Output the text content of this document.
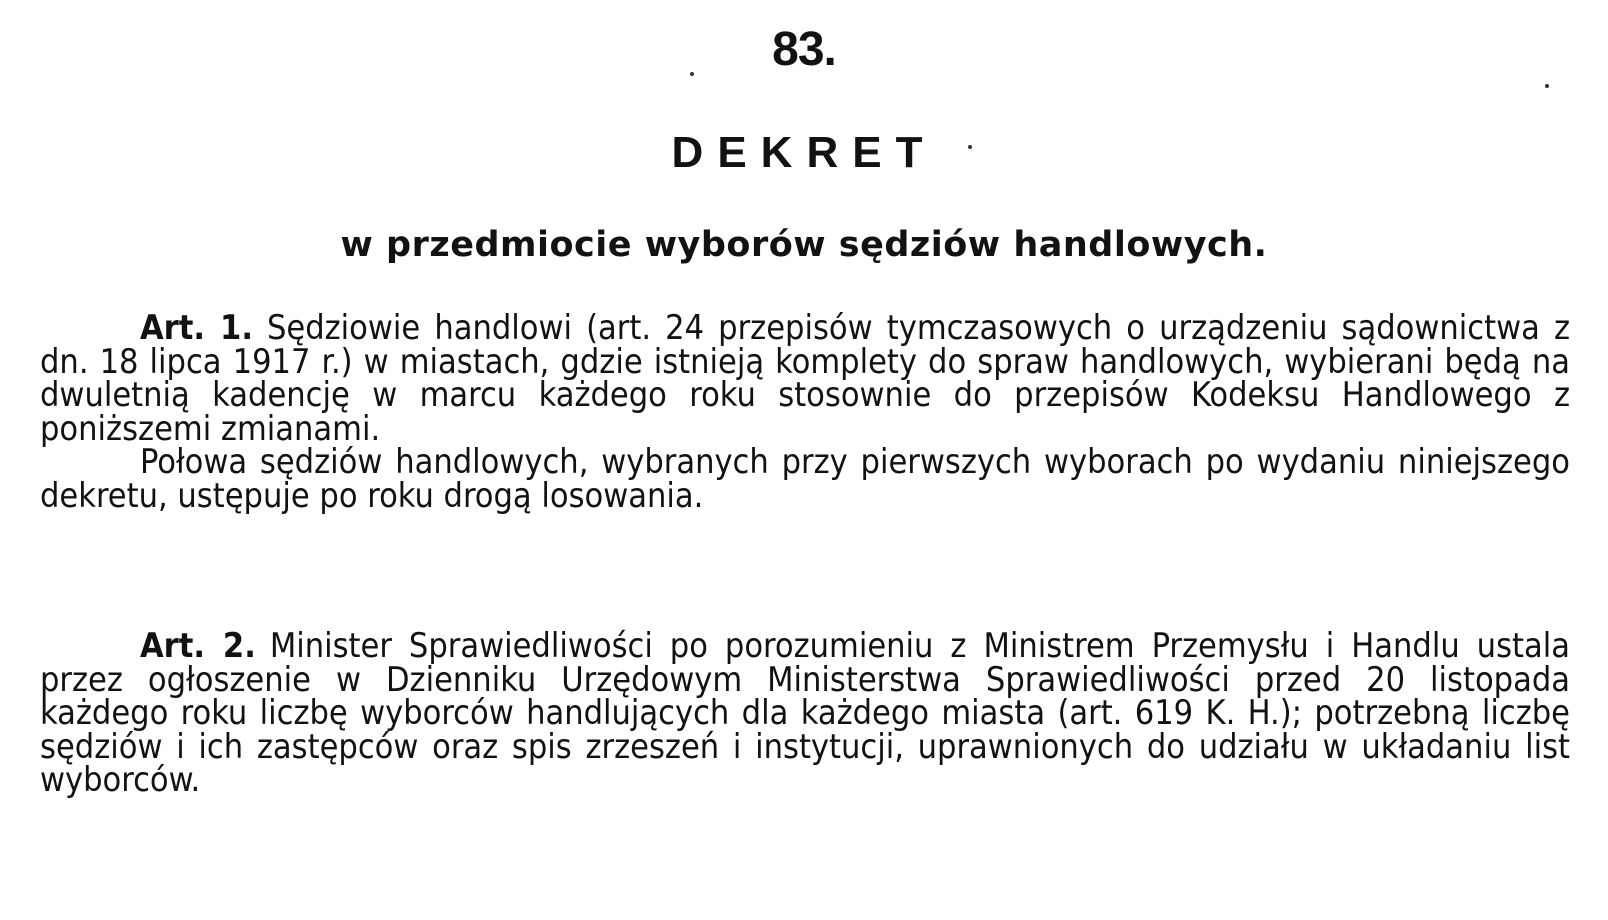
83.
DEKRET
w przedmiocie wyborów sędziów handlowych.

Art. 1. Sędziowie handlowi (art. 24 przepisów tymczasowych o urządzeniu sądownictwa z dn. 18 lipca 1917 r.) w miastach, gdzie istnieją komplety do spraw handlowych, wybierani będą na dwuletnią kadencję w marcu każdego roku stosownie do przepisów Kodeksu Handlowego z poniższemi zmianami.

Połowa sędziów handlowych, wybranych przy pierwszych wyborach po wydaniu niniejszego dekretu, ustępuje po roku drogą losowania.

Art. 2. Minister Sprawiedliwości po porozumieniu z Ministrem Przemysłu i Handlu ustala przez ogłoszenie w Dzienniku Urzędowym Ministerstwa Sprawiedliwości przed 20 listopada każdego roku liczbę wyborców handlujących dla każdego miasta (art. 619 K. H.); potrzebną liczbę sędziów i ich zastępców oraz spis zrzeszeń i instytucji, uprawnionych do udziału w układaniu list wyborców.
